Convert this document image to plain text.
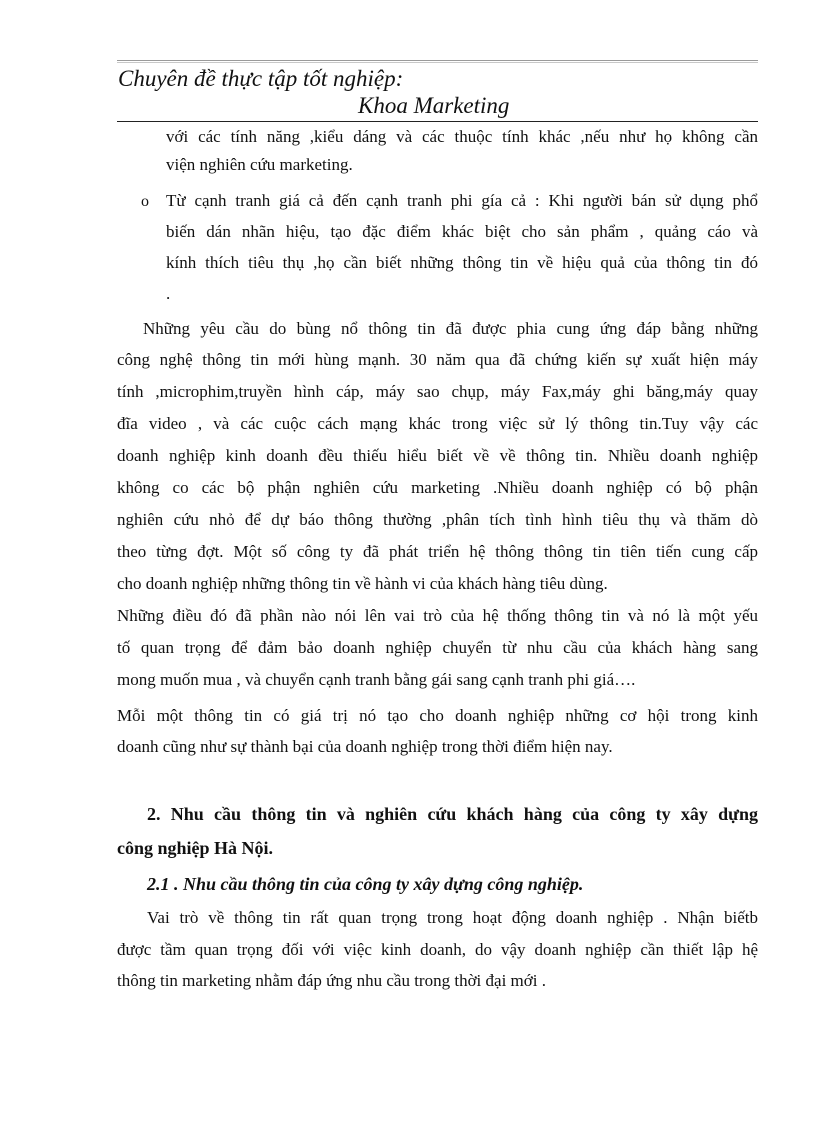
Chuyên đề thực tập tốt nghiệp:
Khoa Marketing
với các tính năng ,kiểu dáng và các thuộc tính khác ,nếu như họ không cần
viện nghiên cứu marketing.
o Từ cạnh tranh giá cả đến cạnh tranh phi gía cả : Khi người bán sử dụng phổ
biến dán nhãn hiệu, tạo đặc điểm khác biệt cho sản phẩm , quảng cáo và
kính thích tiêu thụ ,họ cần biết những thông tin về hiệu quả của thông tin đó
.
Những yêu cầu do bùng nổ thông tin đã được phia cung ứng đáp bằng những
công nghệ thông tin mới hùng mạnh. 30 năm qua đã chứng kiến sự xuất hiện máy
tính ,microphim,truyền hình cáp, máy sao chụp, máy Fax,máy ghi băng,máy quay
đĩa video , và các cuộc cách mạng khác trong việc sử lý thông tin.Tuy vậy các
doanh nghiệp kinh doanh đều thiếu hiểu biết về về thông tin. Nhiều doanh nghiệp
không co các bộ phận nghiên cứu marketing .Nhiều doanh nghiệp có bộ phận
nghiên cứu nhỏ để dự báo thông thường ,phân tích tình hình tiêu thụ và thăm dò
theo từng đợt. Một số công ty đã phát triển hệ thông thông tin tiên tiến cung cấp
cho doanh nghiệp những thông tin về hành vi của khách hàng tiêu dùng.
Những điều đó đã phần nào nói lên vai trò của hệ thống thông tin và nó là một yếu
tố quan trọng để đảm bảo doanh nghiệp chuyển từ nhu cầu của khách hàng sang
mong muốn mua , và chuyển cạnh tranh bằng gái sang cạnh tranh phi giá….
Mỗi một thông tin có giá trị nó tạo cho doanh nghiệp những cơ hội trong kinh
doanh cũng như sự thành bại của doanh nghiệp trong thời điểm hiện nay.
2. Nhu cầu thông tin và nghiên cứu khách hàng của công ty xây dựng
công nghiệp Hà Nội.
2.1 . Nhu cầu thông tin của công ty xây dựng công nghiệp.
Vai trò về thông tin rất quan trọng trong hoạt động doanh nghiệp . Nhận biếtb
được tầm quan trọng đối với việc kinh doanh, do vậy doanh nghiệp cần thiết lập hệ
thông tin marketing nhằm đáp ứng nhu cầu trong thời đại mới .
